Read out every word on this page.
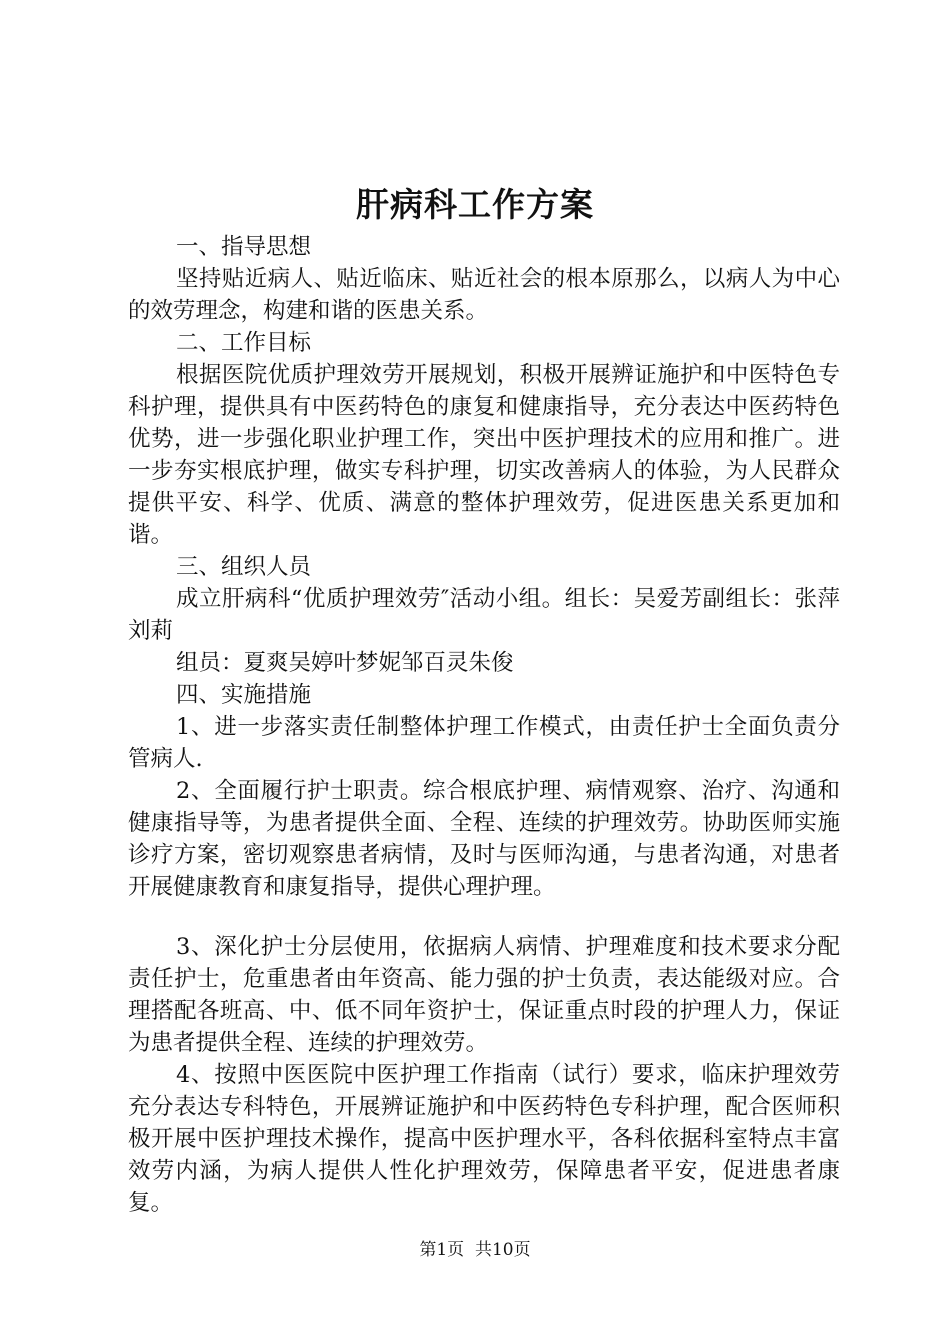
肝病科工作方案

一、指导思想

坚持贴近病人、贴近临床、贴近社会的根本原那么，以病人为中心的效劳理念，构建和谐的医患关系。

二、工作目标

根据医院优质护理效劳开展规划，积极开展辨证施护和中医特色专科护理，提供具有中医药特色的康复和健康指导，充分表达中医药特色优势，进一步强化职业护理工作，突出中医护理技术的应用和推广。进一步夯实根底护理，做实专科护理，切实改善病人的体验，为人民群众提供平安、科学、优质、满意的整体护理效劳，促进医患关系更加和谐。

三、组织人员

成立肝病科“优质护理效劳″活动小组。组长：吴爱芳副组长：张萍刘莉

组员：夏爽吴婷叶梦妮邹百灵朱俊

四、实施措施

1、进一步落实责任制整体护理工作模式，由责任护士全面负责分管病人.

2、全面履行护士职责。综合根底护理、病情观察、治疗、沟通和健康指导等，为患者提供全面、全程、连续的护理效劳。协助医师实施诊疗方案，密切观察患者病情，及时与医师沟通，与患者沟通，对患者开展健康教育和康复指导，提供心理护理。

3、深化护士分层使用，依据病人病情、护理难度和技术要求分配责任护士，危重患者由年资高、能力强的护士负责，表达能级对应。合理搭配各班高、中、低不同年资护士，保证重点时段的护理人力，保证为患者提供全程、连续的护理效劳。

4、按照中医医院中医护理工作指南（试行）要求，临床护理效劳充分表达专科特色，开展辨证施护和中医药特色专科护理，配合医师积极开展中医护理技术操作，提高中医护理水平，各科依据科室特点丰富效劳内涵，为病人提供人性化护理效劳，保障患者平安，促进患者康复。

第1页  共10页
